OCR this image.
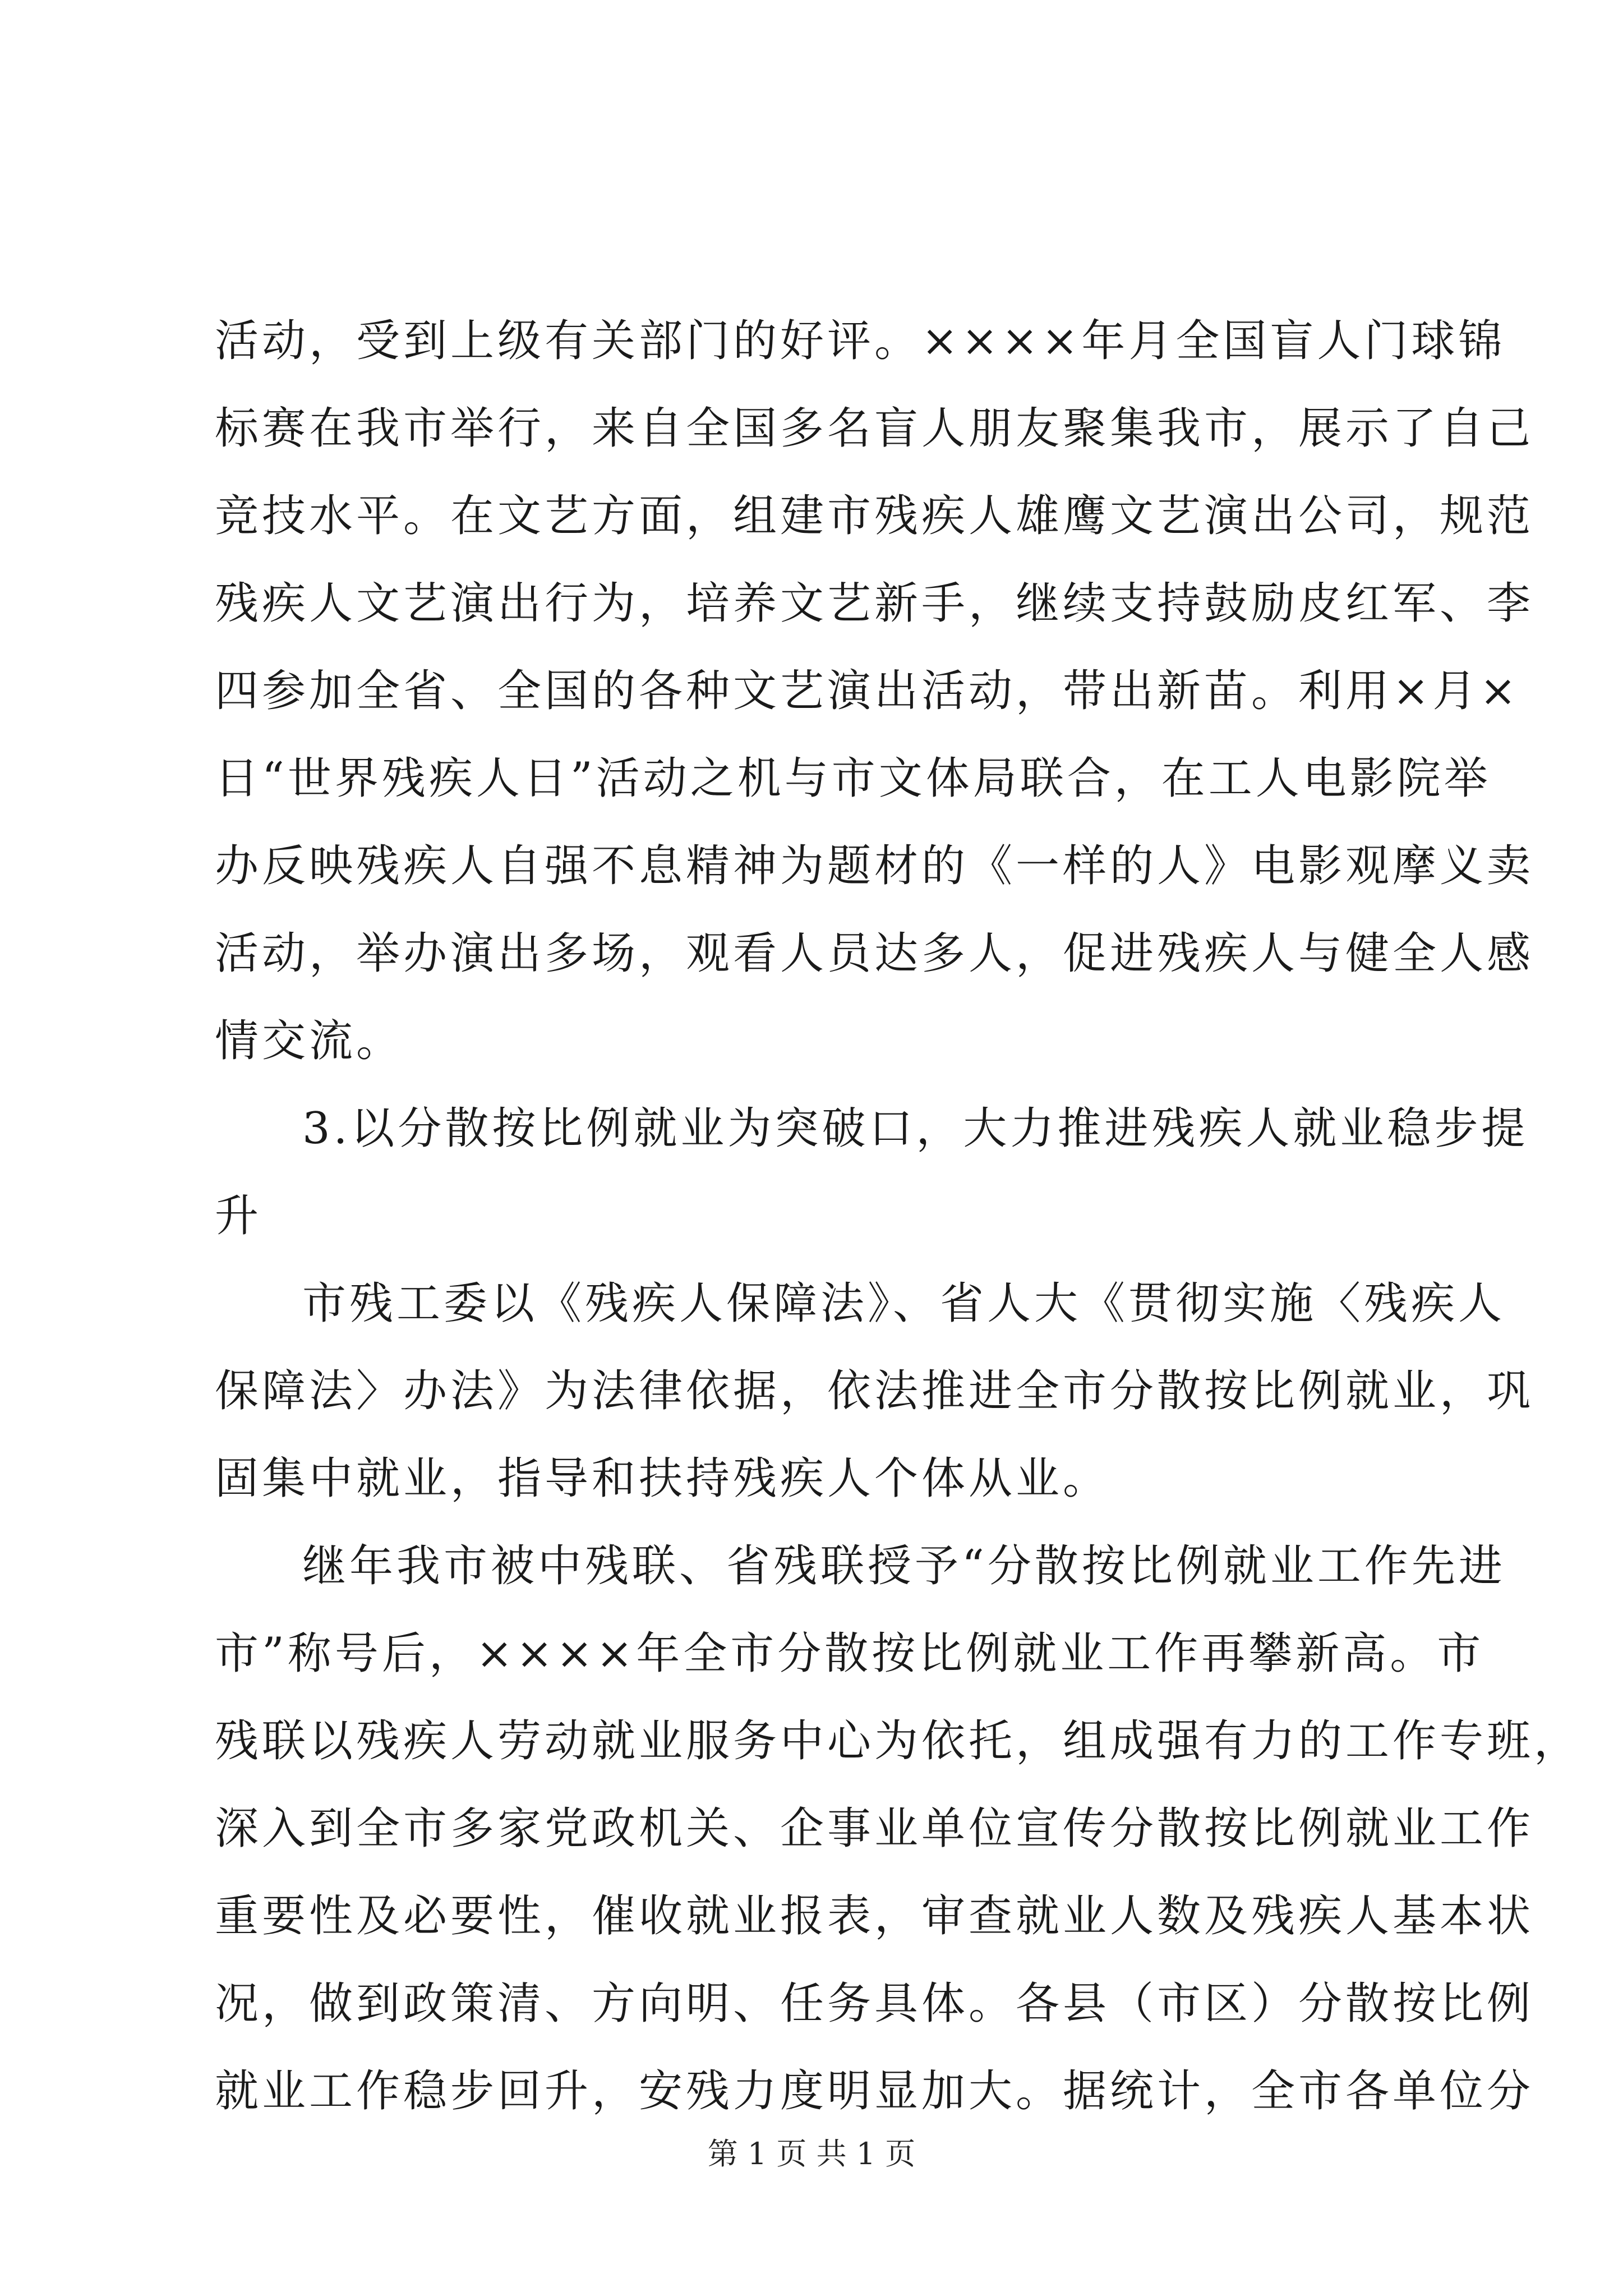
活动，受到上级有关部门的好评。××××年月全国盲人门球锦
标赛在我市举行，来自全国多名盲人朋友聚集我市，展示了自己
竞技水平。在文艺方面，组建市残疾人雄鹰文艺演出公司，规范
残疾人文艺演出行为，培养文艺新手，继续支持鼓励皮红军、李
四参加全省、全国的各种文艺演出活动，带出新苗。利用×月×
日“世界残疾人日”活动之机与市文体局联合，在工人电影院举
办反映残疾人自强不息精神为题材的《一样的人》电影观摩义卖
活动，举办演出多场，观看人员达多人，促进残疾人与健全人感
情交流。
3.以分散按比例就业为突破口，大力推进残疾人就业稳步提
升
市残工委以《残疾人保障法》、省人大《贯彻实施〈残疾人
保障法〉办法》为法律依据，依法推进全市分散按比例就业，巩
固集中就业，指导和扶持残疾人个体从业。
继年我市被中残联、省残联授予“分散按比例就业工作先进
市”称号后，××××年全市分散按比例就业工作再攀新高。市
残联以残疾人劳动就业服务中心为依托，组成强有力的工作专班，
深入到全市多家党政机关、企事业单位宣传分散按比例就业工作
重要性及必要性，催收就业报表，审查就业人数及残疾人基本状
况，做到政策清、方向明、任务具体。各县（市区）分散按比例
就业工作稳步回升，安残力度明显加大。据统计，全市各单位分
第 1 页 共 1 页
